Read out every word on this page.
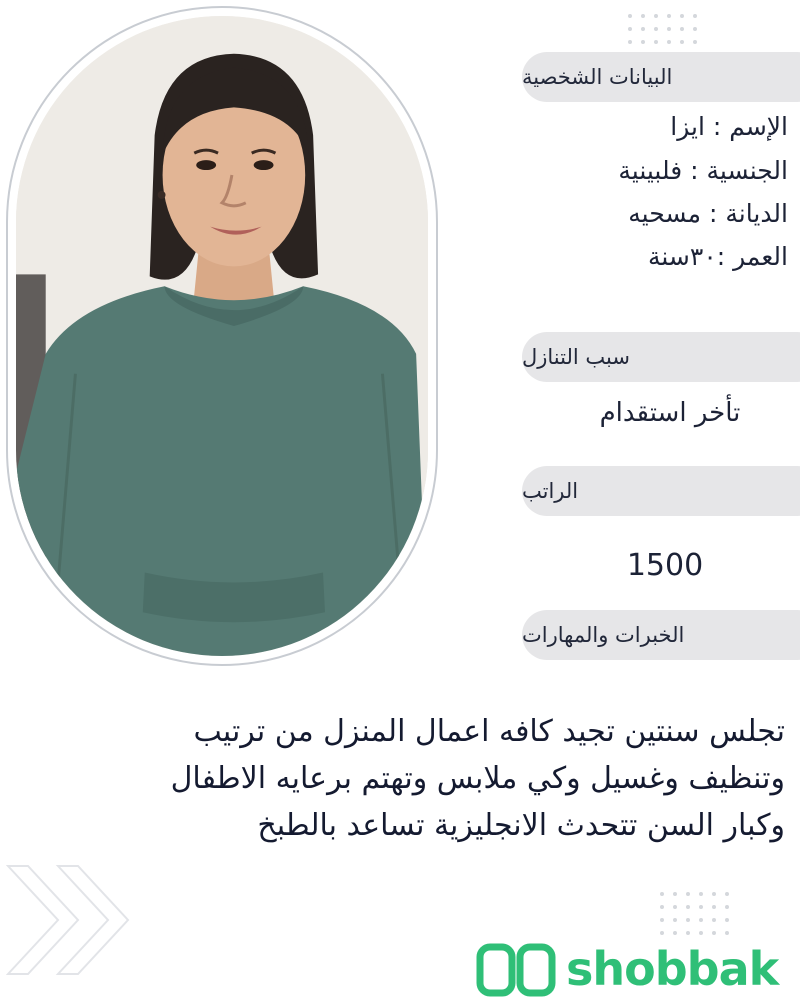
البيانات الشخصية
الإسم : ايزا
الجنسية : فلبينية
الديانة : مسحيه
العمر :٣٠سنة
سبب التنازل
تأخر استقدام
الراتب
1500
الخبرات والمهارات
تجلس سنتين تجيد كافه اعمال المنزل من ترتيب
وتنظيف وغسيل وكي ملابس وتهتم برعايه الاطفال
وكبار السن تتحدث الانجليزية تساعد بالطبخ
shobbak
